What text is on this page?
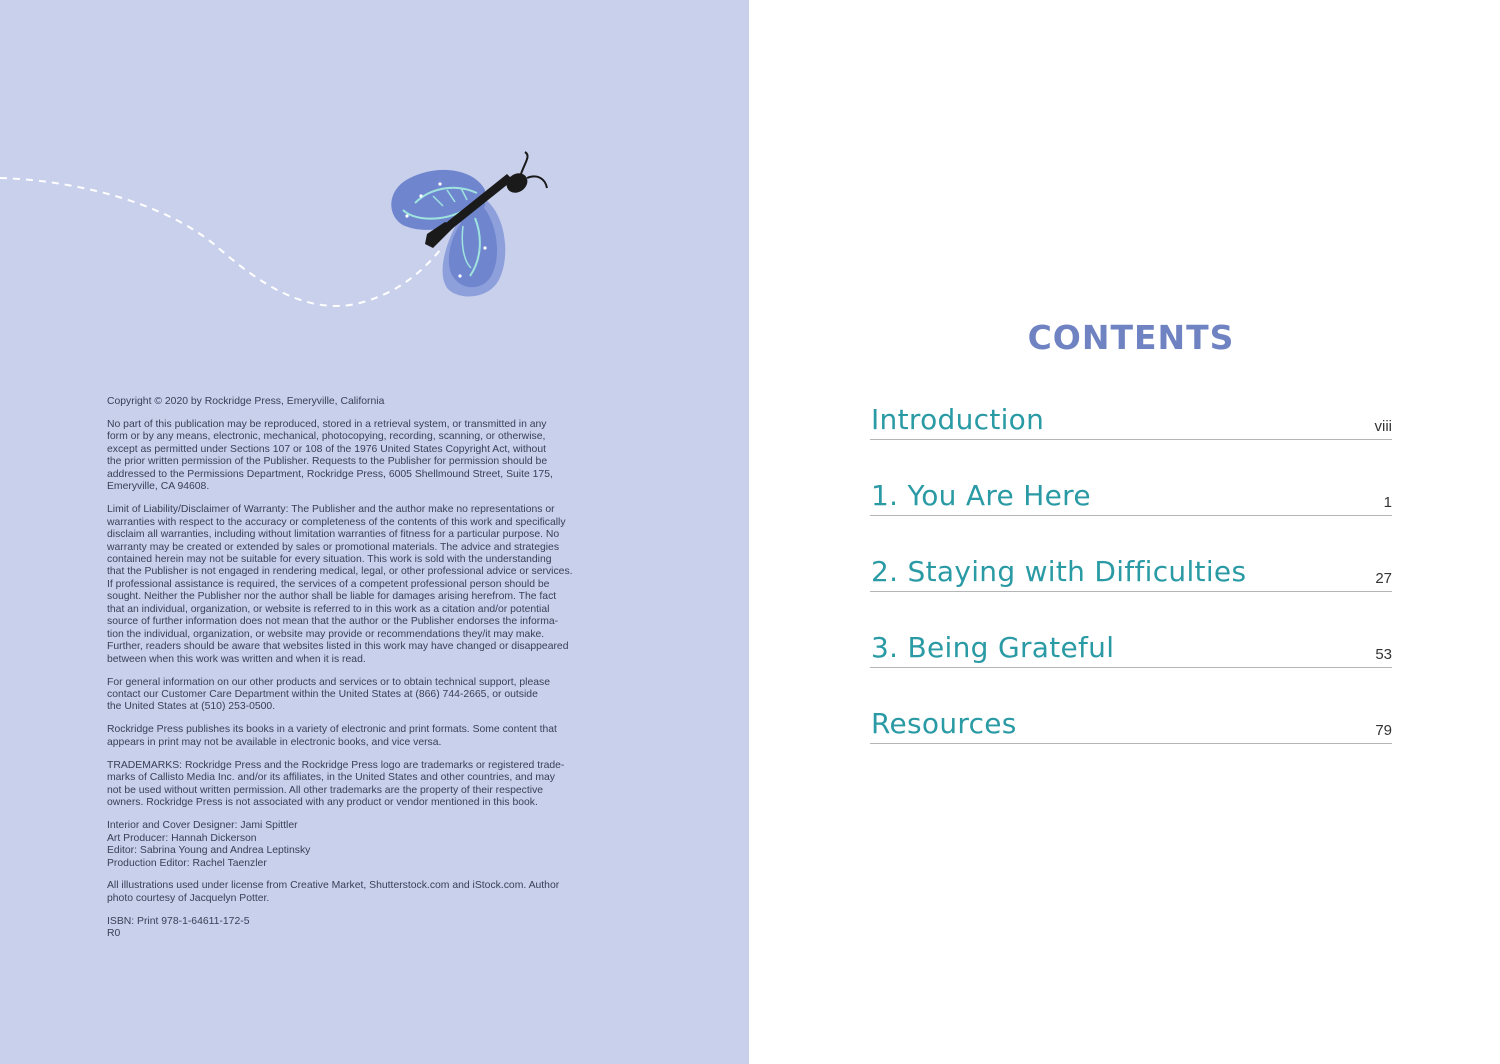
Copyright © 2020 by Rockridge Press, Emeryville, California

No part of this publication may be reproduced, stored in a retrieval system, or transmitted in any
form or by any means, electronic, mechanical, photocopying, recording, scanning, or otherwise,
except as permitted under Sections 107 or 108 of the 1976 United States Copyright Act, without
the prior written permission of the Publisher. Requests to the Publisher for permission should be
addressed to the Permissions Department, Rockridge Press, 6005 Shellmound Street, Suite 175,
Emeryville, CA 94608.

Limit of Liability/Disclaimer of Warranty: The Publisher and the author make no representations or
warranties with respect to the accuracy or completeness of the contents of this work and specifically
disclaim all warranties, including without limitation warranties of fitness for a particular purpose. No
warranty may be created or extended by sales or promotional materials. The advice and strategies
contained herein may not be suitable for every situation. This work is sold with the understanding
that the Publisher is not engaged in rendering medical, legal, or other professional advice or services.
If professional assistance is required, the services of a competent professional person should be
sought. Neither the Publisher nor the author shall be liable for damages arising herefrom. The fact
that an individual, organization, or website is referred to in this work as a citation and/or potential
source of further information does not mean that the author or the Publisher endorses the informa-
tion the individual, organization, or website may provide or recommendations they/it may make.
Further, readers should be aware that websites listed in this work may have changed or disappeared
between when this work was written and when it is read.

For general information on our other products and services or to obtain technical support, please
contact our Customer Care Department within the United States at (866) 744-2665, or outside
the United States at (510) 253-0500.

Rockridge Press publishes its books in a variety of electronic and print formats. Some content that
appears in print may not be available in electronic books, and vice versa.

TRADEMARKS: Rockridge Press and the Rockridge Press logo are trademarks or registered trade-
marks of Callisto Media Inc. and/or its affiliates, in the United States and other countries, and may
not be used without written permission. All other trademarks are the property of their respective
owners. Rockridge Press is not associated with any product or vendor mentioned in this book.

Interior and Cover Designer: Jami Spittler
Art Producer: Hannah Dickerson
Editor: Sabrina Young and Andrea Leptinsky
Production Editor: Rachel Taenzler

All illustrations used under license from Creative Market, Shutterstock.com and iStock.com. Author
photo courtesy of Jacquelyn Potter.

ISBN: Print 978-1-64611-172-5
R0

CONTENTS
Introduction	viii
1. You Are Here	1
2. Staying with Difficulties	27
3. Being Grateful	53
Resources	79
